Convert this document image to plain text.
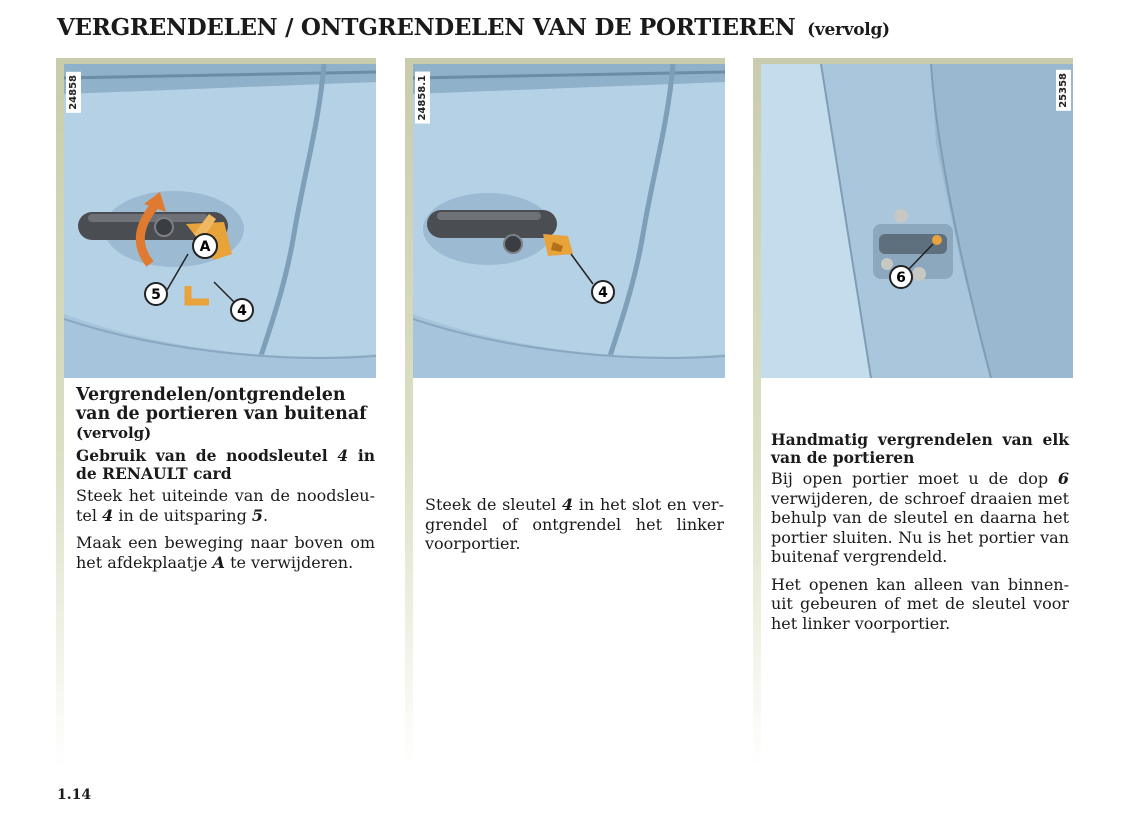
VERGRENDELEN / ONTGRENDELEN VAN DE PORTIEREN (vervolg)
A
5
4
24858
Vergrendelen/ontgrendelen van de portieren van buitenaf
(vervolg)
Gebruik van de noodsleutel 4 in de RENAULT card

Steek het uiteinde van de noodsleu-tel 4 in de uitsparing 5.

Maak een beweging naar boven om het afdekplaatje A te verwijderen.

4
24858.1

Steek de sleutel 4 in het slot en ver-grendel of ontgrendel het linker voorportier.

6
25358
Handmatig vergrendelen van elk van de portieren

Bij open portier moet u de dop 6 verwijderen, de schroef draaien met behulp van de sleutel en daarna het portier sluiten. Nu is het portier van buitenaf vergrendeld.

Het openen kan alleen van binnen-uit gebeuren of met de sleutel voor het linker voorportier.

1.14
